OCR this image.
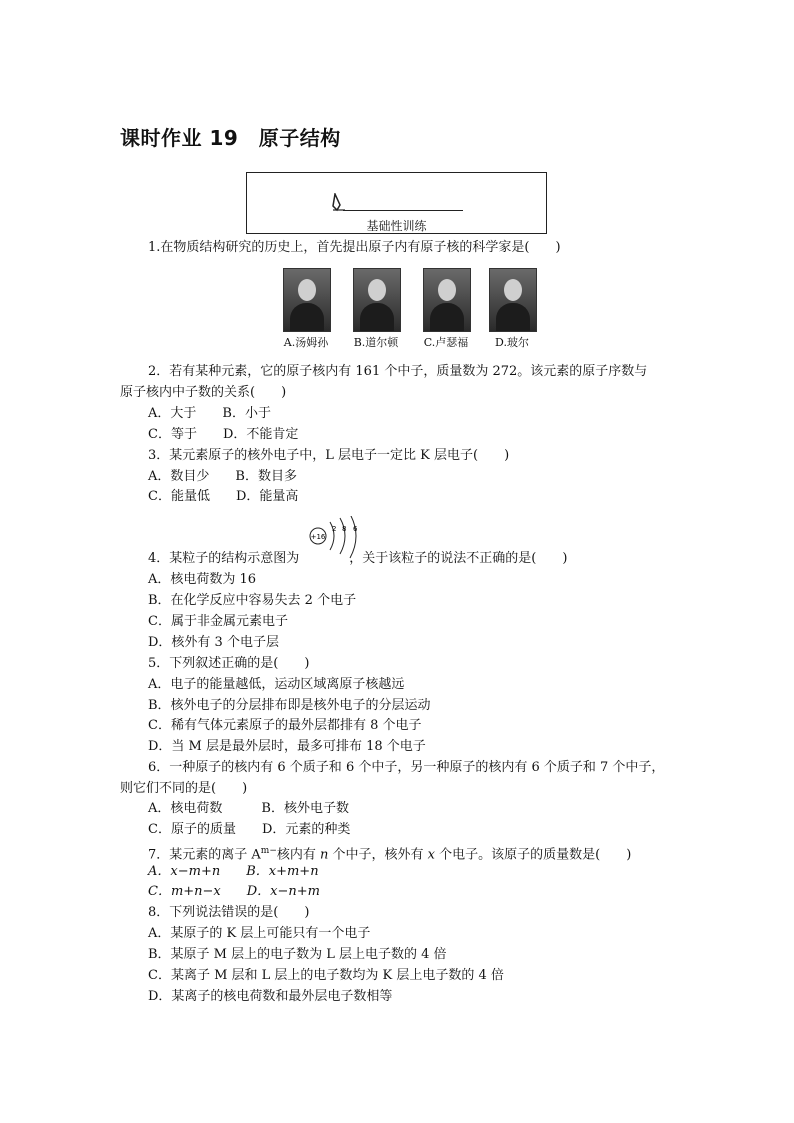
课时作业 19　原子结构
基础性训练
1.在物质结构研究的历史上，首先提出原子内有原子核的科学家是(　　)
A.汤姆孙	B.道尔顿	C.卢瑟福	D.玻尔
2．若有某种元素，它的原子核内有 161 个中子，质量数为 272。该元素的原子序数与
原子核内中子数的关系(　　)
A．大于　　B．小于
C．等于　　D．不能肯定
3．某元素原子的核外电子中，L 层电子一定比 K 层电子(　　)
A．数目少　　B．数目多
C．能量低　　D．能量高
+16
2 8 6
4．某粒子的结构示意图为	，关于该粒子的说法不正确的是(　　)
A．核电荷数为 16
B．在化学反应中容易失去 2 个电子
C．属于非金属元素电子
D．核外有 3 个电子层
5．下列叙述正确的是(　　)
A．电子的能量越低，运动区域离原子核越远
B．核外电子的分层排布即是核外电子的分层运动
C．稀有气体元素原子的最外层都排有 8 个电子
D．当 M 层是最外层时，最多可排布 18 个电子
6．一种原子的核内有 6 个质子和 6 个中子，另一种原子的核内有 6 个质子和 7 个中子，
则它们不同的是(　　)
A．核电荷数　　　B．核外电子数
C．原子的质量　　D．元素的种类
7．某元素的离子 $A^{m-}$核内有 n 个中子，核外有 x 个电子。该原子的质量数是(　　)
A．x−m+n　　B．x+m+n
C．m+n−x　　D．x−n+m
8．下列说法错误的是(　　)
A．某原子的 K 层上可能只有一个电子
B．某原子 M 层上的电子数为 L 层上电子数的 4 倍
C．某离子 M 层和 L 层上的电子数均为 K 层上电子数的 4 倍
D．某离子的核电荷数和最外层电子数相等
